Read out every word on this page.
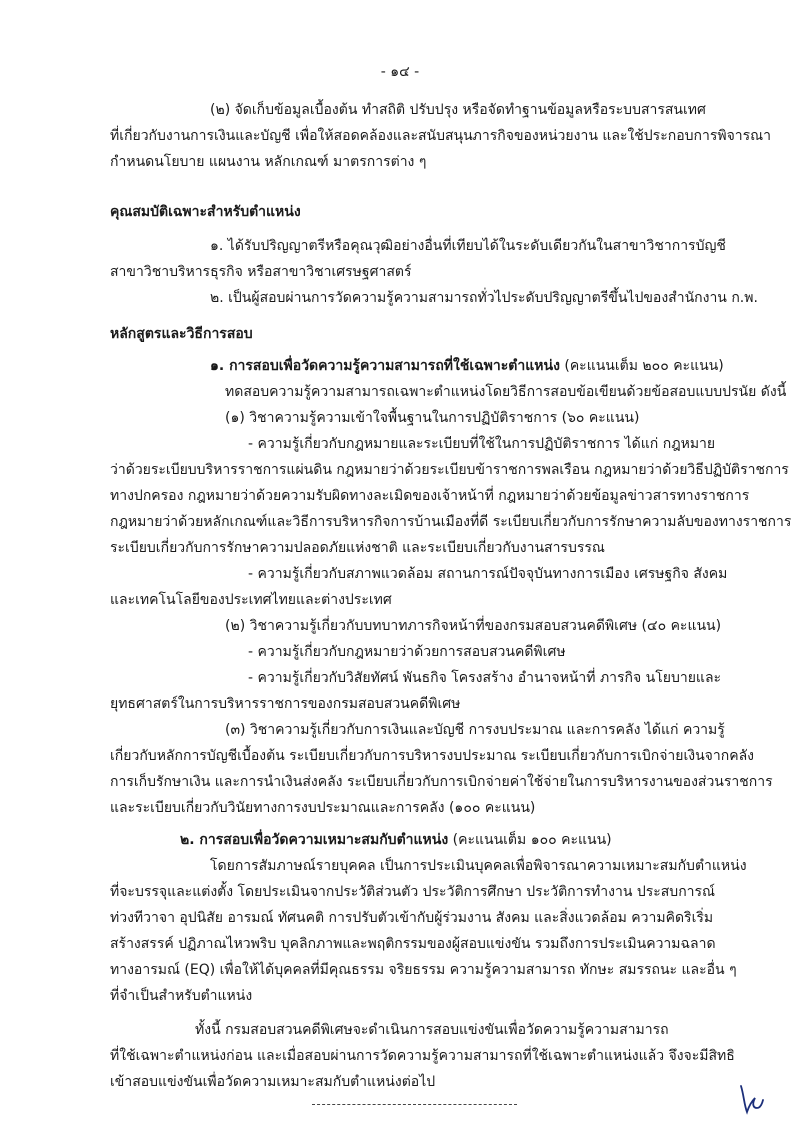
- ๑๔ -
(๒) จัดเก็บข้อมูลเบื้องต้น ทำสถิติ ปรับปรุง หรือจัดทำฐานข้อมูลหรือระบบสารสนเทศ
ที่เกี่ยวกับงานการเงินและบัญชี เพื่อให้สอดคล้องและสนับสนุนภารกิจของหน่วยงาน และใช้ประกอบการพิจารณา
กำหนดนโยบาย แผนงาน หลักเกณฑ์ มาตรการต่าง ๆ
คุณสมบัติเฉพาะสำหรับตำแหน่ง
๑. ได้รับปริญญาตรีหรือคุณวุฒิอย่างอื่นที่เทียบได้ในระดับเดียวกันในสาขาวิชาการบัญชี
สาขาวิชาบริหารธุรกิจ หรือสาขาวิชาเศรษฐศาสตร์
๒. เป็นผู้สอบผ่านการวัดความรู้ความสามารถทั่วไประดับปริญญาตรีขึ้นไปของสำนักงาน ก.พ.
หลักสูตรและวิธีการสอบ
๑. การสอบเพื่อวัดความรู้ความสามารถที่ใช้เฉพาะตำแหน่ง (คะแนนเต็ม ๒๐๐ คะแนน)
ทดสอบความรู้ความสามารถเฉพาะตำแหน่งโดยวิธีการสอบข้อเขียนด้วยข้อสอบแบบปรนัย ดังนี้
(๑) วิชาความรู้ความเข้าใจพื้นฐานในการปฏิบัติราชการ (๖๐ คะแนน)
- ความรู้เกี่ยวกับกฎหมายและระเบียบที่ใช้ในการปฏิบัติราชการ ได้แก่ กฎหมาย
ว่าด้วยระเบียบบริหารราชการแผ่นดิน กฎหมายว่าด้วยระเบียบข้าราชการพลเรือน กฎหมายว่าด้วยวิธีปฏิบัติราชการ
ทางปกครอง กฎหมายว่าด้วยความรับผิดทางละเมิดของเจ้าหน้าที่ กฎหมายว่าด้วยข้อมูลข่าวสารทางราชการ
กฎหมายว่าด้วยหลักเกณฑ์และวิธีการบริหารกิจการบ้านเมืองที่ดี ระเบียบเกี่ยวกับการรักษาความลับของทางราชการ
ระเบียบเกี่ยวกับการรักษาความปลอดภัยแห่งชาติ และระเบียบเกี่ยวกับงานสารบรรณ
- ความรู้เกี่ยวกับสภาพแวดล้อม สถานการณ์ปัจจุบันทางการเมือง เศรษฐกิจ สังคม
และเทคโนโลยีของประเทศไทยและต่างประเทศ
(๒) วิชาความรู้เกี่ยวกับบทบาทภารกิจหน้าที่ของกรมสอบสวนคดีพิเศษ (๔๐ คะแนน)
- ความรู้เกี่ยวกับกฎหมายว่าด้วยการสอบสวนคดีพิเศษ
- ความรู้เกี่ยวกับวิสัยทัศน์ พันธกิจ โครงสร้าง อำนาจหน้าที่ ภารกิจ นโยบายและ
ยุทธศาสตร์ในการบริหารราชการของกรมสอบสวนคดีพิเศษ
(๓) วิชาความรู้เกี่ยวกับการเงินและบัญชี การงบประมาณ และการคลัง ได้แก่ ความรู้
เกี่ยวกับหลักการบัญชีเบื้องต้น ระเบียบเกี่ยวกับการบริหารงบประมาณ ระเบียบเกี่ยวกับการเบิกจ่ายเงินจากคลัง
การเก็บรักษาเงิน และการนำเงินส่งคลัง ระเบียบเกี่ยวกับการเบิกจ่ายค่าใช้จ่ายในการบริหารงานของส่วนราชการ
และระเบียบเกี่ยวกับวินัยทางการงบประมาณและการคลัง (๑๐๐ คะแนน)
๒. การสอบเพื่อวัดความเหมาะสมกับตำแหน่ง (คะแนนเต็ม ๑๐๐ คะแนน)
โดยการสัมภาษณ์รายบุคคล เป็นการประเมินบุคคลเพื่อพิจารณาความเหมาะสมกับตำแหน่ง
ที่จะบรรจุและแต่งตั้ง โดยประเมินจากประวัติส่วนตัว ประวัติการศึกษา ประวัติการทำงาน ประสบการณ์
ท่วงทีวาจา อุปนิสัย อารมณ์ ทัศนคติ การปรับตัวเข้ากับผู้ร่วมงาน สังคม และสิ่งแวดล้อม ความคิดริเริ่ม
สร้างสรรค์ ปฏิภาณไหวพริบ บุคลิกภาพและพฤติกรรมของผู้สอบแข่งขัน รวมถึงการประเมินความฉลาด
ทางอารมณ์ (EQ) เพื่อให้ได้บุคคลที่มีคุณธรรม จริยธรรม ความรู้ความสามารถ ทักษะ สมรรถนะ และอื่น ๆ
ที่จำเป็นสำหรับตำแหน่ง
ทั้งนี้ กรมสอบสวนคดีพิเศษจะดำเนินการสอบแข่งขันเพื่อวัดความรู้ความสามารถ
ที่ใช้เฉพาะตำแหน่งก่อน และเมื่อสอบผ่านการวัดความรู้ความสามารถที่ใช้เฉพาะตำแหน่งแล้ว จึงจะมีสิทธิ
เข้าสอบแข่งขันเพื่อวัดความเหมาะสมกับตำแหน่งต่อไป
